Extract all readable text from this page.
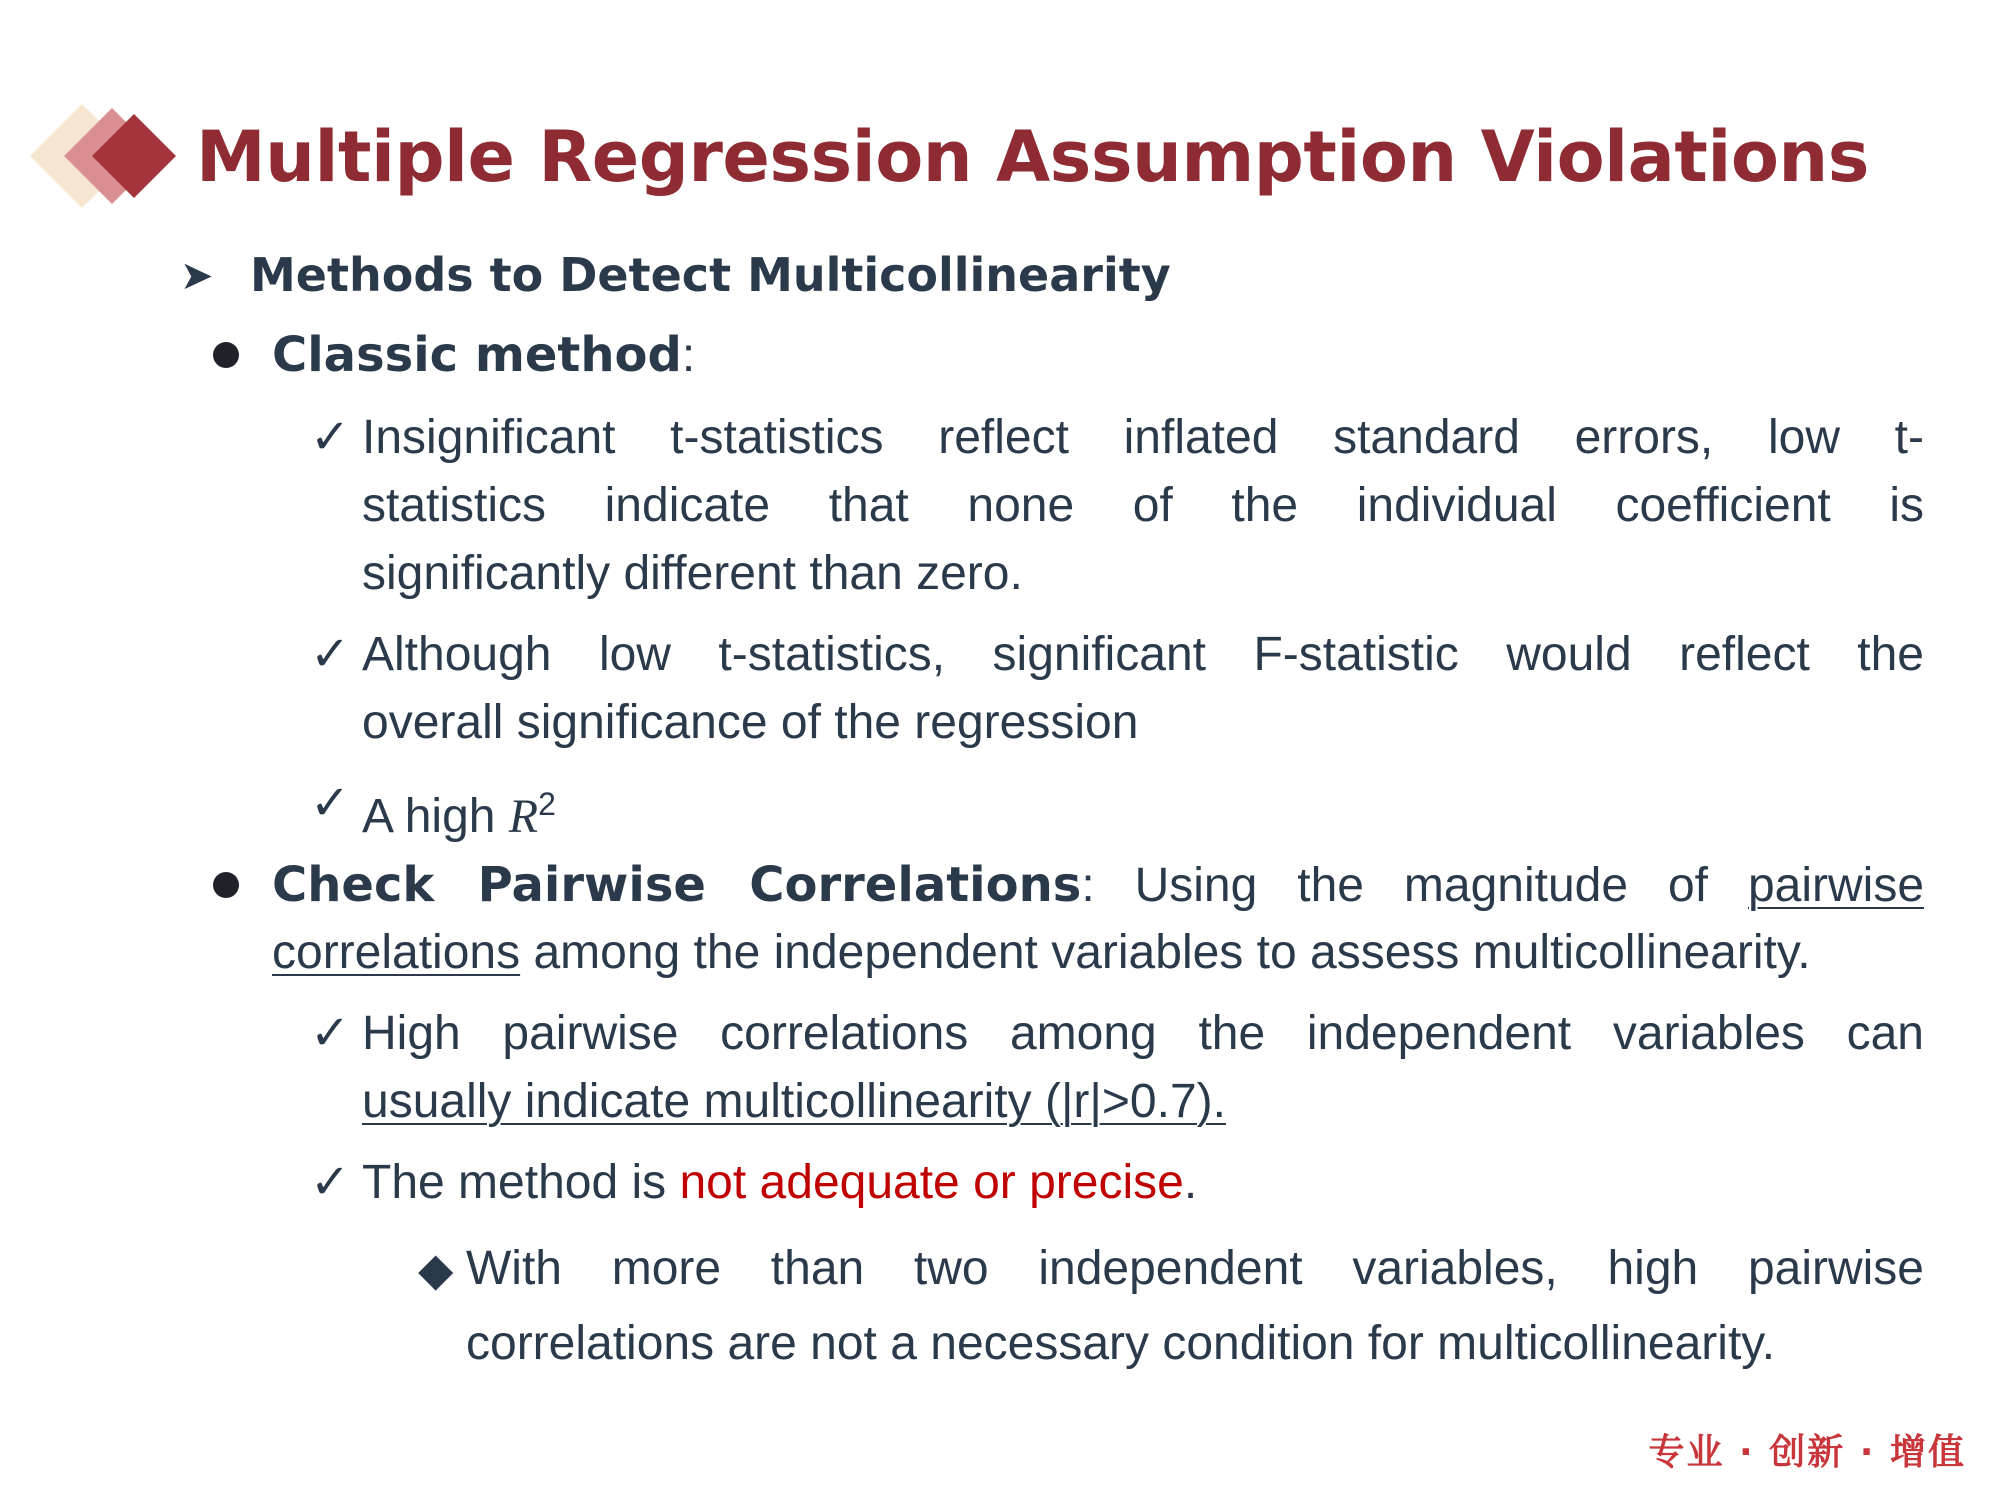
Multiple Regression Assumption Violations
➤ Methods to Detect Multicollinearity
Classic method:
✓ Insignificant t-statistics reflect inflated standard errors, low t-
statistics indicate that none of the individual coefficient is
significantly different than zero.
✓ Although low t-statistics, significant F-statistic would reflect the
overall significance of the regression
✓ A high $R^2$
Check Pairwise Correlations: Using the magnitude of pairwise
correlations among the independent variables to assess multicollinearity.
✓ High pairwise correlations among the independent variables can
usually indicate multicollinearity (|r|>0.7).
✓ The method is not adequate or precise.
◆ With more than two independent variables, high pairwise
correlations are not a necessary condition for multicollinearity.
专业 · 创新 · 增值
